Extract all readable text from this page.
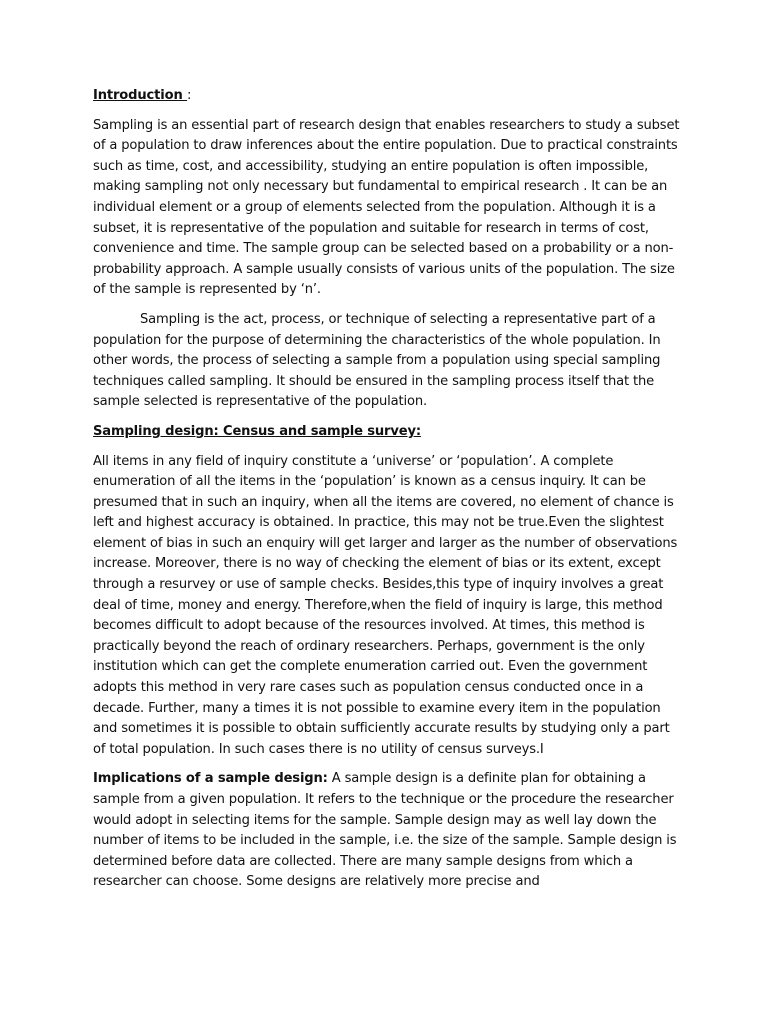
Introduction :

Sampling is an essential part of research design that enables researchers to study a subset of a population to draw inferences about the entire population. Due to practical constraints such as time, cost, and accessibility, studying an entire population is often impossible, making sampling not only necessary but fundamental to empirical research . It can be an individual element or a group of elements selected from the population. Although it is a subset, it is representative of the population and suitable for research in terms of cost, convenience and time. The sample group can be selected based on a probability or a non-probability approach. A sample usually consists of various units of the population. The size of the sample is represented by ‘n’.

Sampling is the act, process, or technique of selecting a representative part of a population for the purpose of determining the characteristics of the whole population. In other words, the process of selecting a sample from a population using special sampling techniques called sampling. It should be ensured in the sampling process itself that the sample selected is representative of the population.

Sampling design: Census and sample survey:

All items in any field of inquiry constitute a ‘universe’ or ‘population’. A complete enumeration of all the items in the ‘population’ is known as a census inquiry. It can be presumed that in such an inquiry, when all the items are covered, no element of chance is left and highest accuracy is obtained. In practice, this may not be true.Even the slightest element of bias in such an enquiry will get larger and larger as the number of observations increase. Moreover, there is no way of checking the element of bias or its extent, except through a resurvey or use of sample checks. Besides,this type of inquiry involves a great deal of time, money and energy. Therefore,when the field of inquiry is large, this method becomes difficult to adopt because of the resources involved. At times, this method is practically beyond the reach of ordinary researchers. Perhaps, government is the only institution which can get the complete enumeration carried out. Even the government adopts this method in very rare cases such as population census conducted once in a decade. Further, many a times it is not possible to examine every item in the population and sometimes it is possible to obtain sufficiently accurate results by studying only a part of total population. In such cases there is no utility of census surveys.I

Implications of a sample design: A sample design is a definite plan for obtaining a sample from a given population. It refers to the technique or the procedure the researcher would adopt in selecting items for the sample. Sample design may as well lay down the number of items to be included in the sample, i.e. the size of the sample. Sample design is determined before data are collected. There are many sample designs from which a researcher can choose. Some designs are relatively more precise and
